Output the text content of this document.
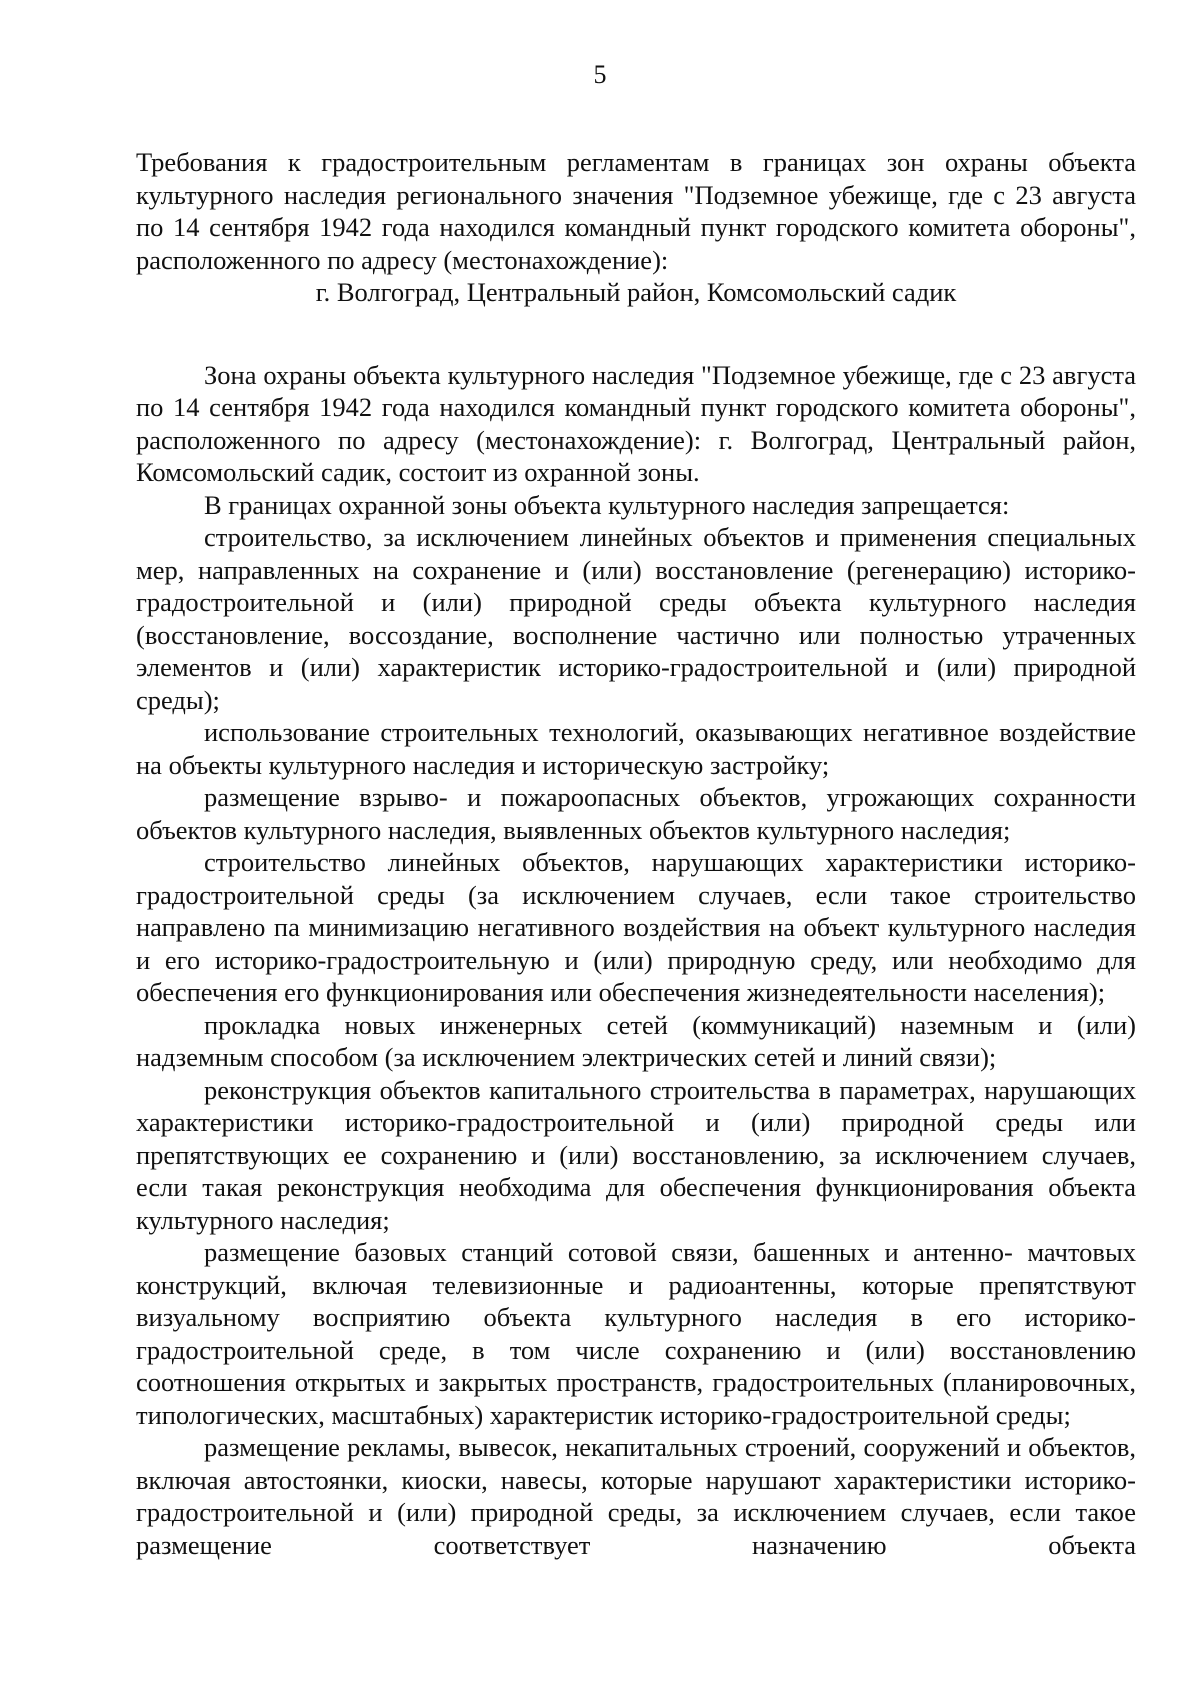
5

Требования к градостроительным регламентам в границах зон охраны объекта культурного наследия регионального значения "Подземное убежище, где с 23 августа по 14 сентября 1942 года находился командный пункт городского комитета обороны", расположенного по адресу (местонахождение):

г. Волгоград, Центральный район, Комсомольский садик

Зона охраны объекта культурного наследия "Подземное убежище, где с 23 августа по 14 сентября 1942 года находился командный пункт городского комитета обороны", расположенного по адресу (местонахождение): г. Волгоград, Центральный район, Комсомольский садик, состоит из охранной зоны.

В границах охранной зоны объекта культурного наследия запрещается:

строительство, за исключением линейных объектов и применения специальных мер, направленных на сохранение и (или) восстановление (регенерацию) историко-градостроительной и (или) природной среды объекта культурного наследия (восстановление, воссоздание, восполнение частично или полностью утраченных элементов и (или) характеристик историко-градостроительной и (или) природной среды);

использование строительных технологий, оказывающих негативное воздействие на объекты культурного наследия и историческую застройку;

размещение взрыво- и пожароопасных объектов, угрожающих сохранности объектов культурного наследия, выявленных объектов культурного наследия;

строительство линейных объектов, нарушающих характеристики историко-градостроительной среды (за исключением случаев, если такое строительство направлено па минимизацию негативного воздействия на объект культурного наследия и его историко-градостроительную и (или) природную среду, или необходимо для обеспечения его функционирования или обеспечения жизнедеятельности населения);

прокладка новых инженерных сетей (коммуникаций) наземным и (или) надземным способом (за исключением электрических сетей и линий связи);

реконструкция объектов капитального строительства в параметрах, нарушающих характеристики историко-градостроительной и (или) природной среды или препятствующих ее сохранению и (или) восстановлению, за исключением случаев, если такая реконструкция необходима для обеспечения функционирования объекта культурного наследия;

размещение базовых станций сотовой связи, башенных и антенно- мачтовых конструкций, включая телевизионные и радиоантенны, которые препятствуют визуальному восприятию объекта культурного наследия в его историко-градостроительной среде, в том числе сохранению и (или) восстановлению соотношения открытых и закрытых пространств, градостроительных (планировочных, типологических, масштабных) характеристик историко-градостроительной среды;

размещение рекламы, вывесок, некапитальных строений, сооружений и объектов, включая автостоянки, киоски, навесы, которые нарушают характеристики историко-градостроительной и (или) природной среды, за исключением случаев, если такое размещение соответствует назначению объекта
